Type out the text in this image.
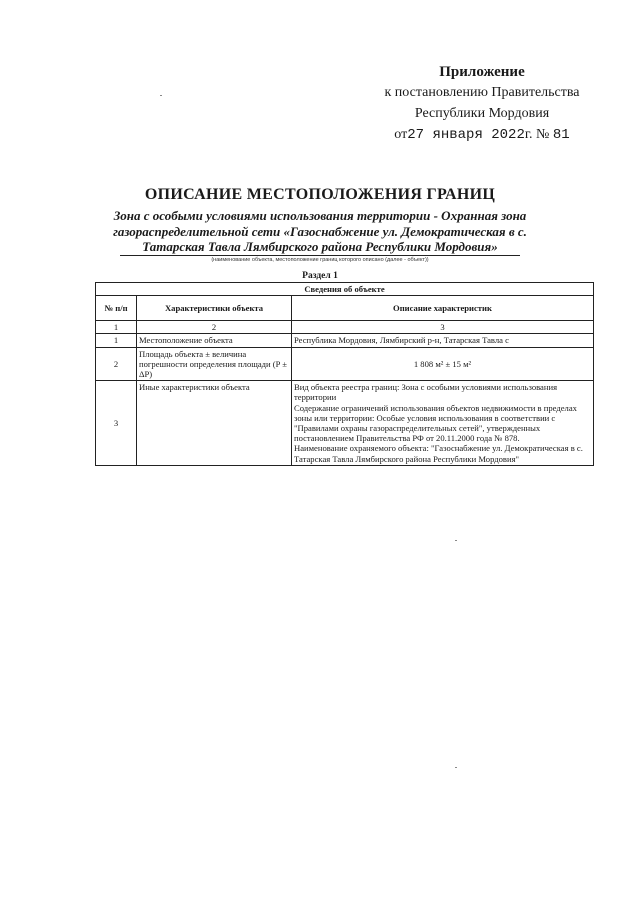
Приложение
к постановлению Правительства
Республики Мордовия
от27 января 2022г. № 81
ОПИСАНИЕ МЕСТОПОЛОЖЕНИЯ ГРАНИЦ
Зона с особыми условиями использования территории - Охранная зона газораспределительной сети «Газоснабжение ул. Демократическая в с. Татарская Тавла Лямбирского района Республики Мордовия»
(наименование объекта, местоположение границ которого описано (далее - объект))
Раздел 1
Сведения об объекте		
№ п/п	Характеристики объекта	Описание характеристик
1	2	3
1	Местоположение объекта	Республика Мордовия, Лямбирский р-н, Татарская Тавла с
2	Площадь объекта ± величина погрешности определения площади (P ± ΔP)	1 808 м² ± 15 м²
3	Иные характеристики объекта	Вид объекта реестра границ: Зона с особыми условиями использования территории
Содержание ограничений использования объектов недвижимости в пределах зоны или территории: Особые условия использования в соответствии с "Правилами охраны газораспределительных сетей", утвержденных постановлением Правительства РФ от 20.11.2000 года № 878.
Наименование охраняемого объекта: "Газоснабжение ул. Демократическая в с. Татарская Тавла Лямбирского района Республики Мордовия"
